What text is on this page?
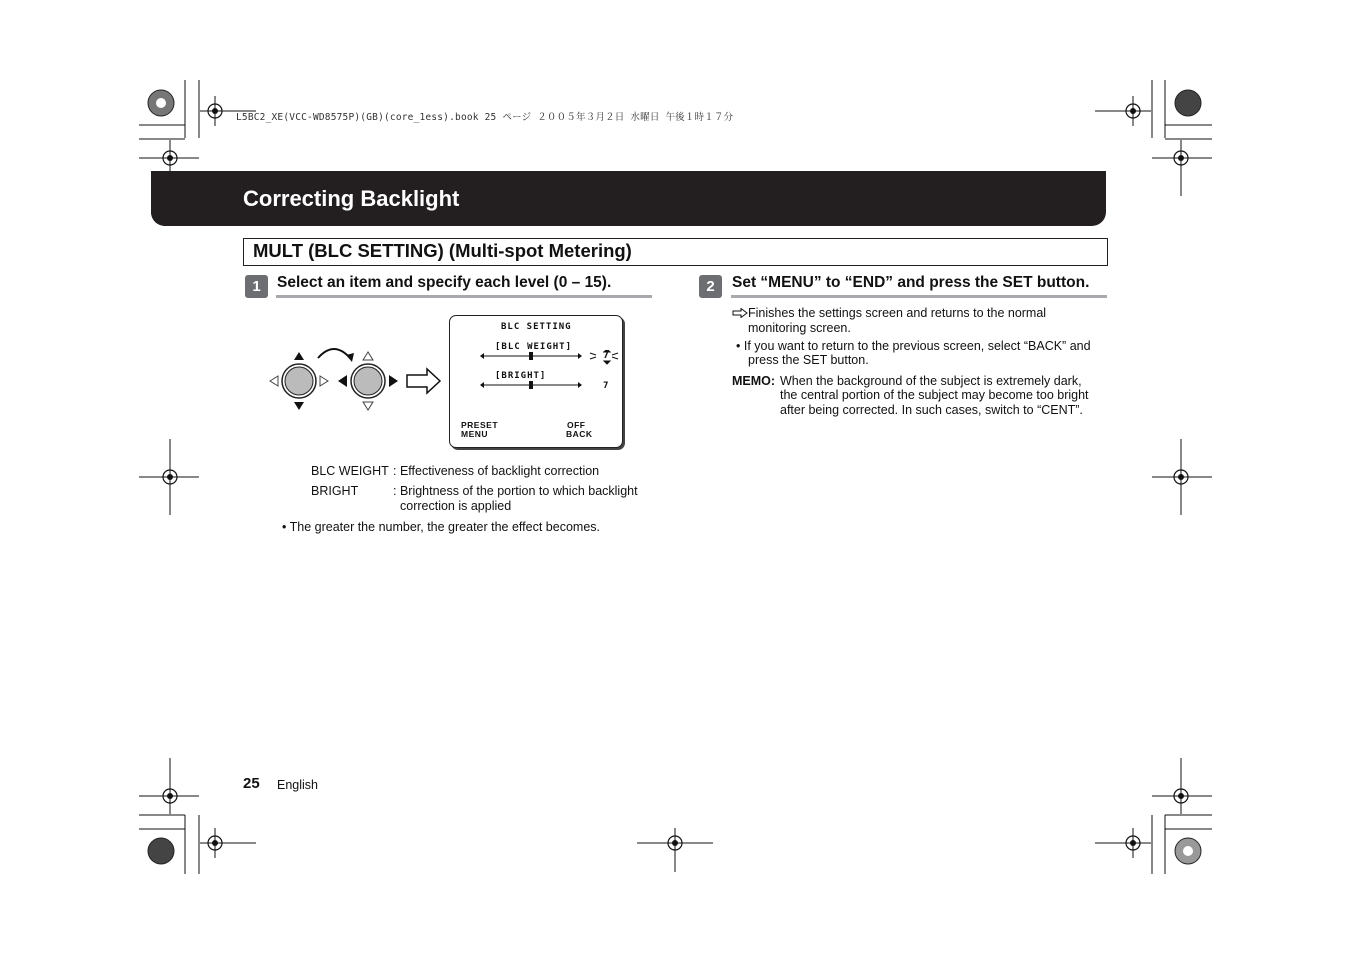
L5BC2_XE(VCC-WD8575P)(GB)(core_1ess).book 25 ページ ２００５年３月２日 水曜日 午後１時１７分
Correcting Backlight
MULT (BLC SETTING) (Multi-spot Metering)
1	Select an item and specify each level (0 – 15).
BLC SETTING
[BLC WEIGHT]
[BRIGHT]
7
7
PRESET
MENU
OFF
BACK
BLC WEIGHT : Effectiveness of backlight correction
BRIGHT	: Brightness of the portion to which backlight
correction is applied
• The greater the number, the greater the effect becomes.
2	Set “MENU” to “END” and press the SET button.
Finishes the settings screen and returns to the normal
monitoring screen.
• If you want to return to the previous screen, select “BACK” and
press the SET button.
MEMO: When the background of the subject is extremely dark,
the central portion of the subject may become too bright
after being corrected. In such cases, switch to “CENT”.
25 English
